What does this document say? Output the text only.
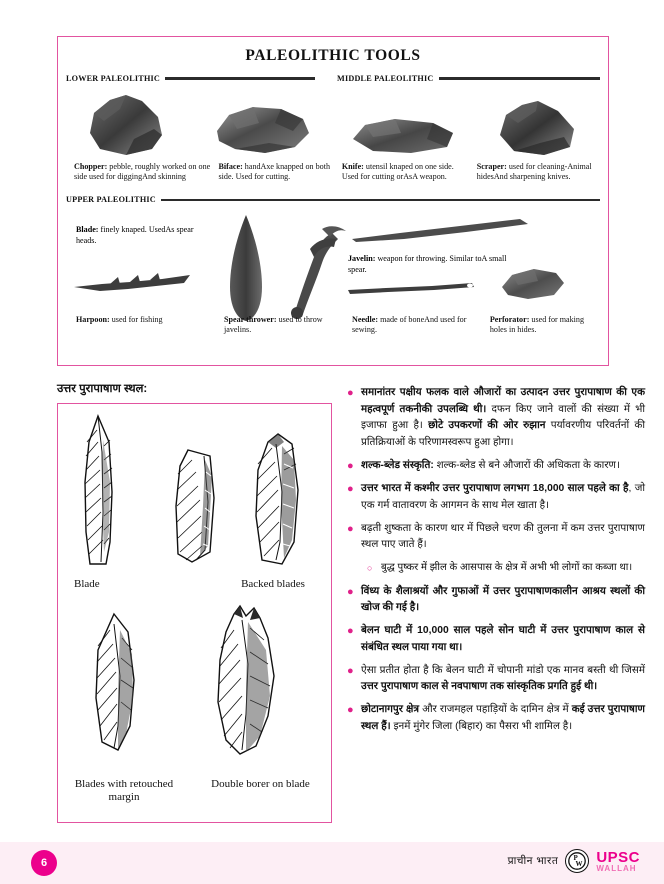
PALEOLITHIC TOOLS
LOWER PALEOLITHIC	MIDDLE PALEOLITHIC
Chopper: pebble, roughly worked on one side used for diggingAnd skinning
Biface: handAxe knapped on both side. Used for cutting.
Knife: utensil knaped on one side. Used for cutting orAsA weapon.
Scraper: used for cleaning-Animal hidesAnd sharpening knives.
UPPER PALEOLITHIC
Blade: finely knaped. UsedAs spear heads.
Javelin: weapon for throwing. Similar toA small spear.
Harpoon: used for fishing	Spear thrower: used to throw javelins.
Needle: made of boneAnd used for sewing.
Perforator: used for making holes in hides.
उत्तर पुरापाषाण स्थल:
Blade	Backed blades
Blades with retouched margin
Double borer on blade
● समानांतर पक्षीय फलक वाले औजारों का उत्पादन उत्तर पुरापाषाण की एक महत्वपूर्ण तकनीकी उपलब्धि थी। दफन किए जाने वालों की संख्या में भी इजाफा हुआ है। छोटे उपकरणों की ओर रुझान पर्यावरणीय परिवर्तनों की प्रतिक्रियाओं के परिणामस्वरूप हुआ होगा।
● शल्क-ब्लेड संस्कृति: शल्क-ब्लेड से बने औजारों की अधिकता के कारण।
● उत्तर भारत में कश्मीर उत्तर पुरापाषाण लगभग 18,000 साल पहले का है, जो एक गर्म वातावरण के आगमन के साथ मेल खाता है।
● बढ़ती शुष्कता के कारण थार में पिछले चरण की तुलना में कम उत्तर पुरापाषाण स्थल पाए जाते हैं।
○ बुद्ध पुष्कर में झील के आसपास के क्षेत्र में अभी भी लोगों का कब्जा था।
● विंध्य के शैलाश्रयों और गुफाओं में उत्तर पुरापाषाणकालीन आश्रय स्थलों की खोज की गई है।
● बेलन घाटी में 10,000 साल पहले सोन घाटी में उत्तर पुरापाषाण काल से संबंधित स्थल पाया गया था।
● ऐसा प्रतीत होता है कि बेलन घाटी में चोपानी मांडो एक मानव बस्ती थी जिसमें उत्तर पुरापाषाण काल से नवपाषाण तक सांस्कृतिक प्रगति हुई थी।
● छोटानागपुर क्षेत्र और राजमहल पहाड़ियों के दामिन क्षेत्र में कई उत्तर पुरापाषाण स्थल हैं। इनमें मुंगेर जिला (बिहार) का पैसरा भी शामिल है।
6	प्राचीन भारत P
W UPSC
WALLAH
